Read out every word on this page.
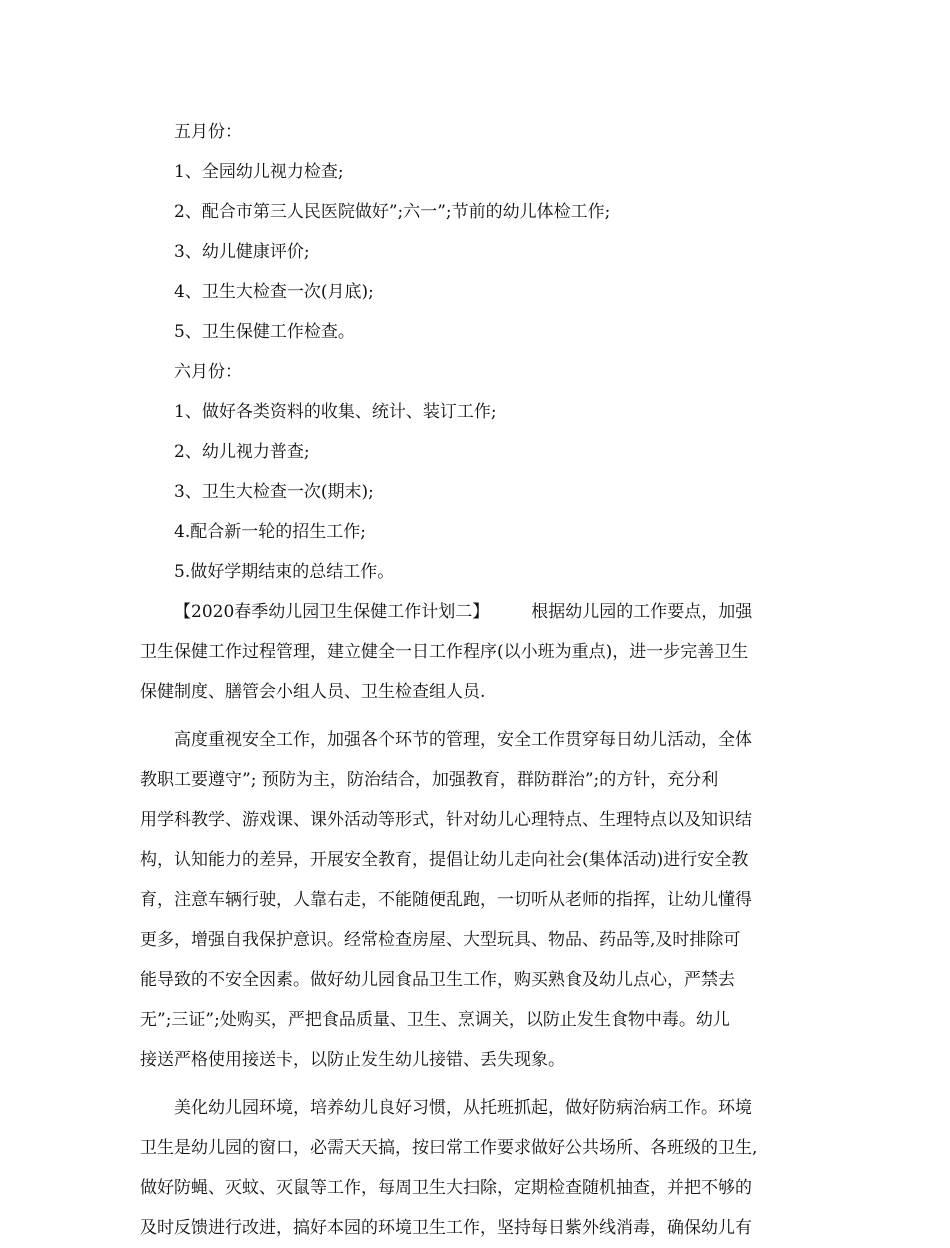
五月份：
1、全园幼儿视力检查;
2、配合市第三人民医院做好”;六一”;节前的幼儿体检工作;
3、幼儿健康评价;
4、卫生大检查一次(月底);
5、卫生保健工作检查。
六月份：
1、做好各类资料的收集、统计、装订工作;
2、幼儿视力普查;
3、卫生大检查一次(期末);
4.配合新一轮的招生工作;
5.做好学期结束的总结工作。
【2020春季幼儿园卫生保健工作计划二】 根据幼儿园的工作要点，加强
卫生保健工作过程管理，建立健全一日工作程序(以小班为重点)，进一步完善卫生
保健制度、膳管会小组人员、卫生检查组人员.
高度重视安全工作，加强各个环节的管理，安全工作贯穿每日幼儿活动，全体
教职工要遵守”; 预防为主，防治结合，加强教育，群防群治”;的方针，充分利
用学科教学、游戏课、课外活动等形式，针对幼儿心理特点、生理特点以及知识结
构，认知能力的差异，开展安全教育，提倡让幼儿走向社会(集体活动)进行安全教
育，注意车辆行驶，人靠右走，不能随便乱跑，一切听从老师的指挥，让幼儿懂得
更多，增强自我保护意识。经常检查房屋、大型玩具、物品、药品等,及时排除可
能导致的不安全因素。做好幼儿园食品卫生工作，购买熟食及幼儿点心，严禁去
无”;三证”;处购买，严把食品质量、卫生、烹调关，以防止发生食物中毒。幼儿
接送严格使用接送卡，以防止发生幼儿接错、丢失现象。
美化幼儿园环境，培养幼儿良好习惯，从托班抓起，做好防病治病工作。环境
卫生是幼儿园的窗口，必需天天搞，按曰常工作要求做好公共场所、各班级的卫生,
做好防蝇、灭蚊、灭鼠等工作，每周卫生大扫除，定期检查随机抽查，并把不够的
及时反馈进行改进，搞好本园的环境卫生工作，坚持每日紫外线消毒，确保幼儿有
